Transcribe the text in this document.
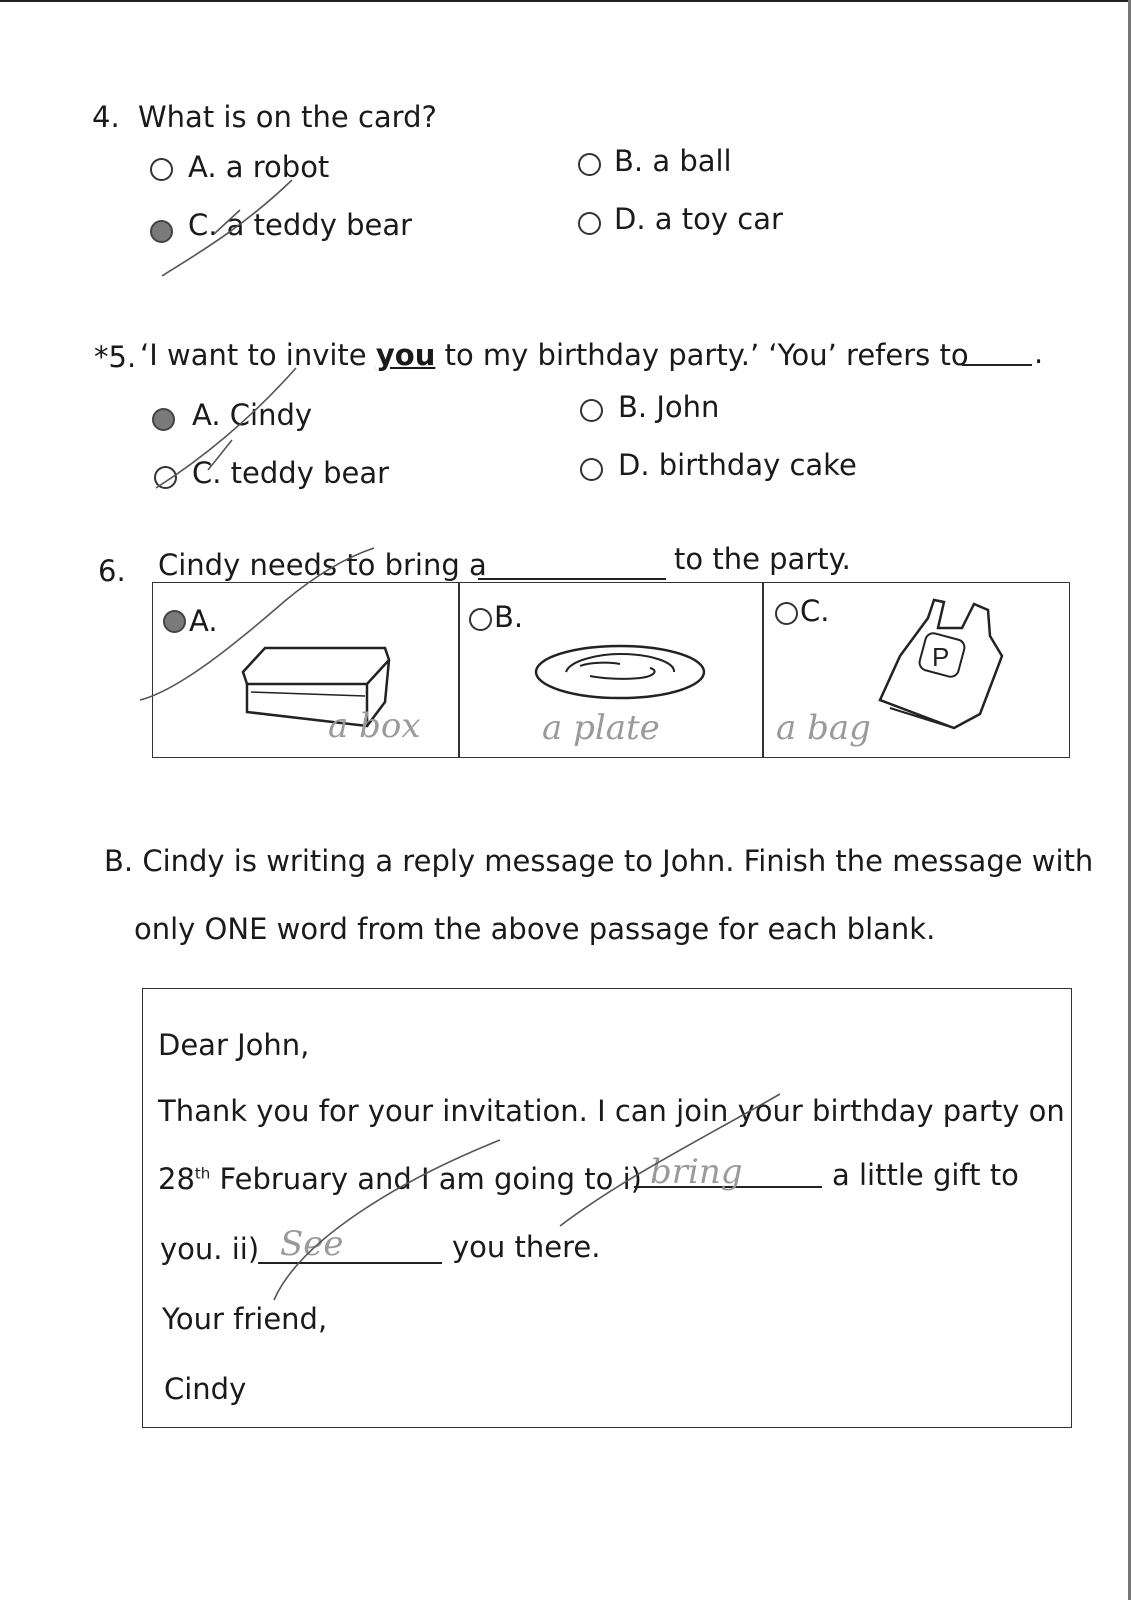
4. What is on the card?
A. a robot	B. a ball
C. a teddy bear	D. a toy car
*5. ‘I want to invite you to my birthday party.’ ‘You’ refers to .
A. Cindy	B. John
C. teddy bear	D. birthday cake
6. Cindy needs to bring a	to the party.
A.	B.	C.
a box	a plate
P
a bag
B. Cindy is writing a reply message to John. Finish the message with
only ONE word from the above passage for each blank.
Dear John,
Thank you for your invitation. I can join your birthday party on
28th February and I am going to i) bring	a little gift to
you. ii) See	you there.
Your friend,
Cindy
